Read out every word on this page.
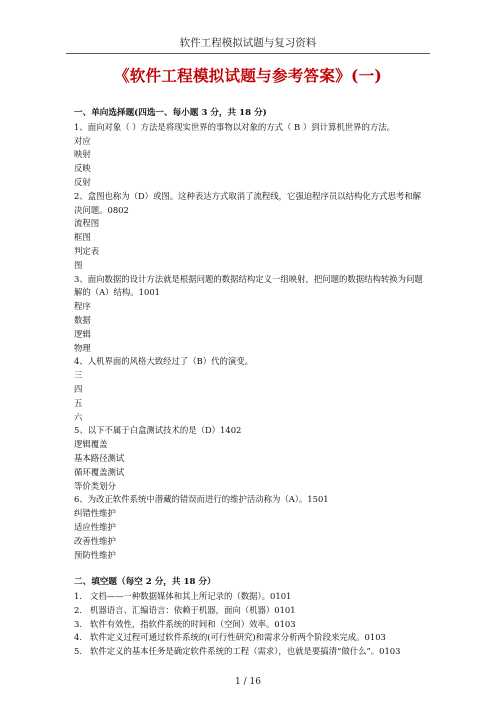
软件工程模拟试题与复习资料
《软件工程模拟试题与参考答案》(一)
一、单向选择题(四选一、每小题 3 分，共 18 分)
1、面向对象（ ）方法是将现实世界的事物以对象的方式（ B ）到计算机世界的方法。
对应
映射
反映
反射
2、盒图也称为（D）或图。这种表达方式取消了流程线，它强迫程序员以结构化方式思考和解决问题。0802
流程图
框图
判定表
图
3、面向数据的设计方法就是根据问题的数据结构定义一组映射，把问题的数据结构转换为问题解的（A）结构。1001
程序
数据
逻辑
物理
4、人机界面的风格大致经过了（B）代的演变。
三
四
五
六
5、以下不属于白盒测试技术的是（D）1402
逻辑覆盖
基本路径测试
循环覆盖测试
等价类划分
6、为改正软件系统中潜藏的错误而进行的维护活动称为（A）。1501
纠错性维护
适应性维护
改善性维护
预防性维护
二、填空题（每空 2 分，共 18 分）
1. 文档——一种数据媒体和其上所记录的（数据）。0101
2. 机器语言、汇编语言：依赖于机器，面向（机器）0101
3. 软件有效性，指软件系统的时间和（空间）效率。0103
4. 软件定义过程可通过软件系统的(可行性研究)和需求分析两个阶段来完成。0103
5. 软件定义的基本任务是确定软件系统的工程（需求），也就是要搞清“做什么”。0103
1 / 16
